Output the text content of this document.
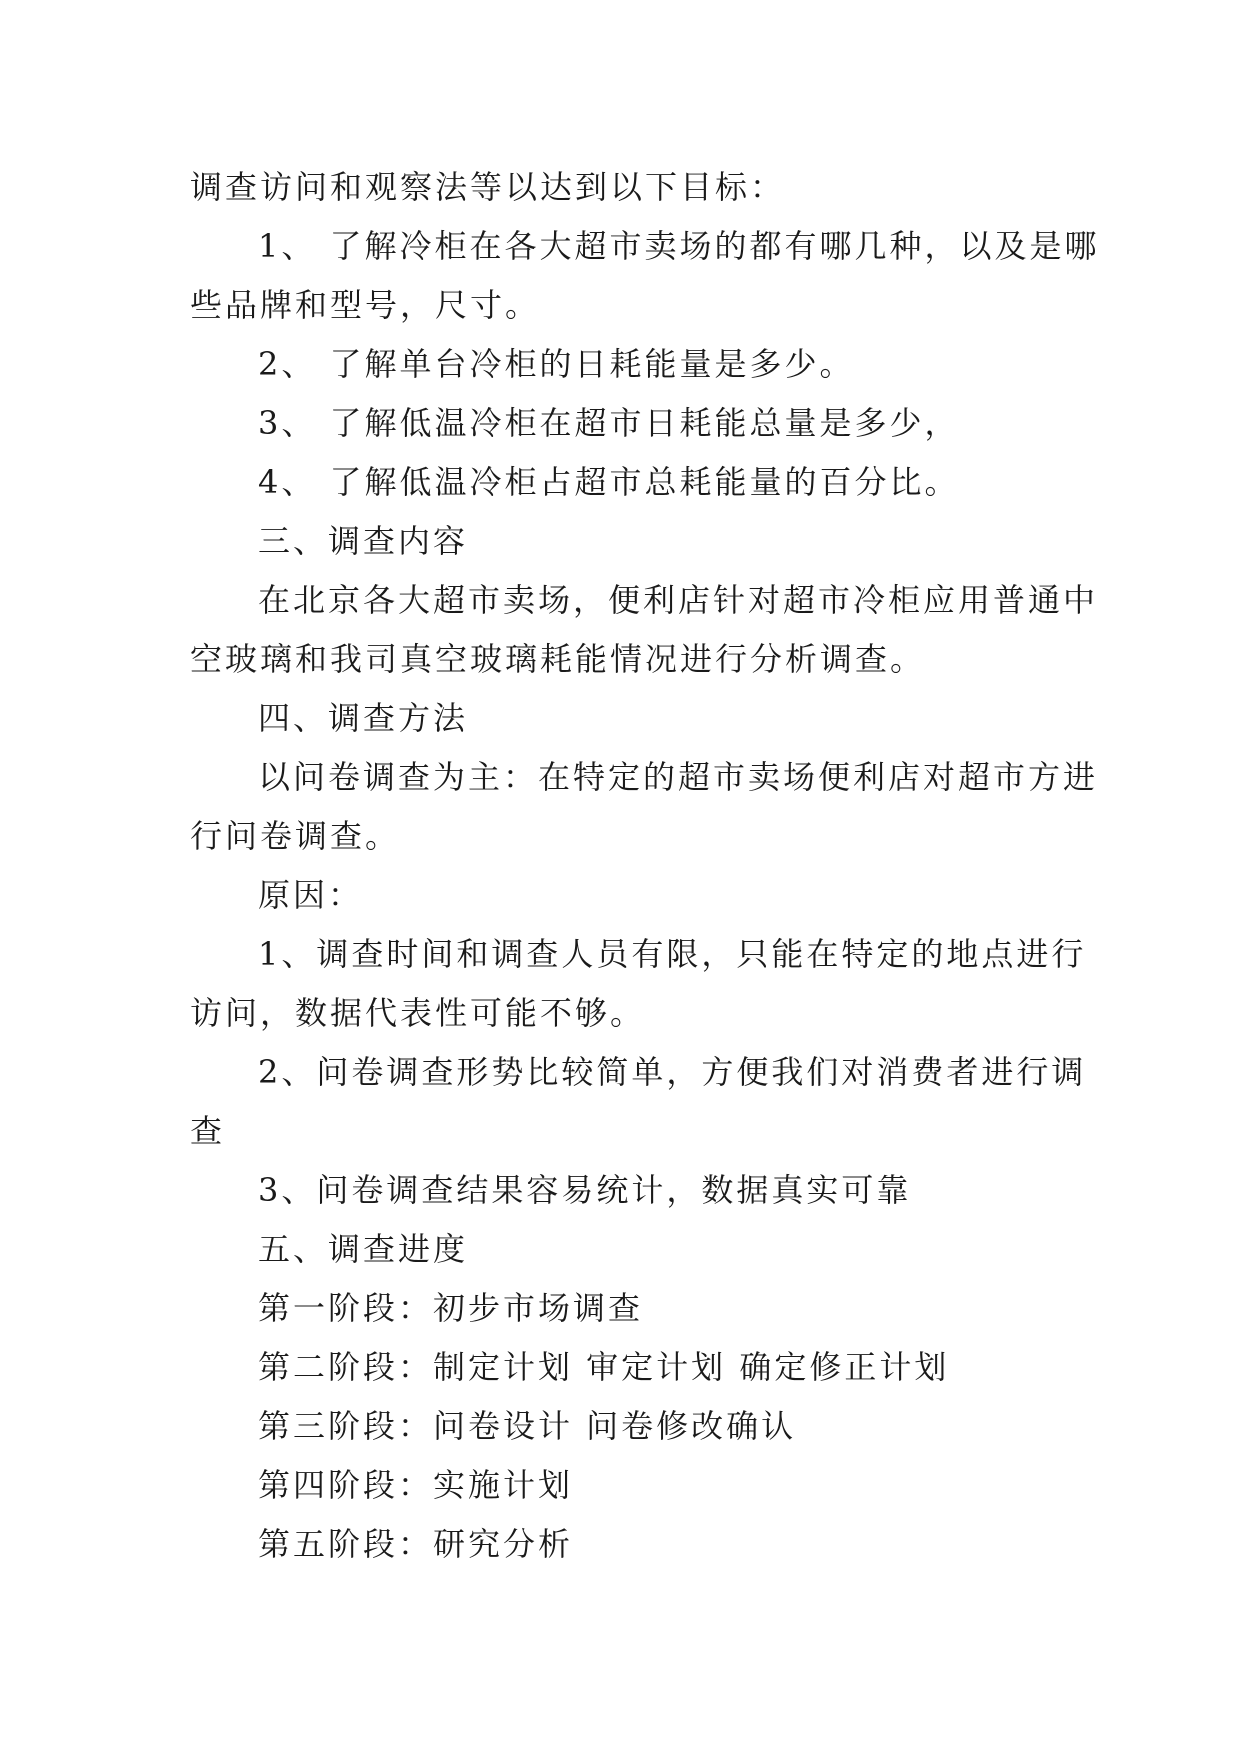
调查访问和观察法等以达到以下目标：

1、 了解冷柜在各大超市卖场的都有哪几种，以及是哪

些品牌和型号，尺寸。

2、 了解单台冷柜的日耗能量是多少。

3、 了解低温冷柜在超市日耗能总量是多少，

4、 了解低温冷柜占超市总耗能量的百分比。

三、调查内容

在北京各大超市卖场，便利店针对超市冷柜应用普通中

空玻璃和我司真空玻璃耗能情况进行分析调查。

四、调查方法

以问卷调查为主：在特定的超市卖场便利店对超市方进

行问卷调查。

原因：

1、调查时间和调查人员有限，只能在特定的地点进行

访问，数据代表性可能不够。

2、问卷调查形势比较简单，方便我们对消费者进行调

查

3、问卷调查结果容易统计，数据真实可靠

五、调查进度

第一阶段：初步市场调查

第二阶段：制定计划 审定计划 确定修正计划

第三阶段：问卷设计 问卷修改确认

第四阶段：实施计划

第五阶段：研究分析
